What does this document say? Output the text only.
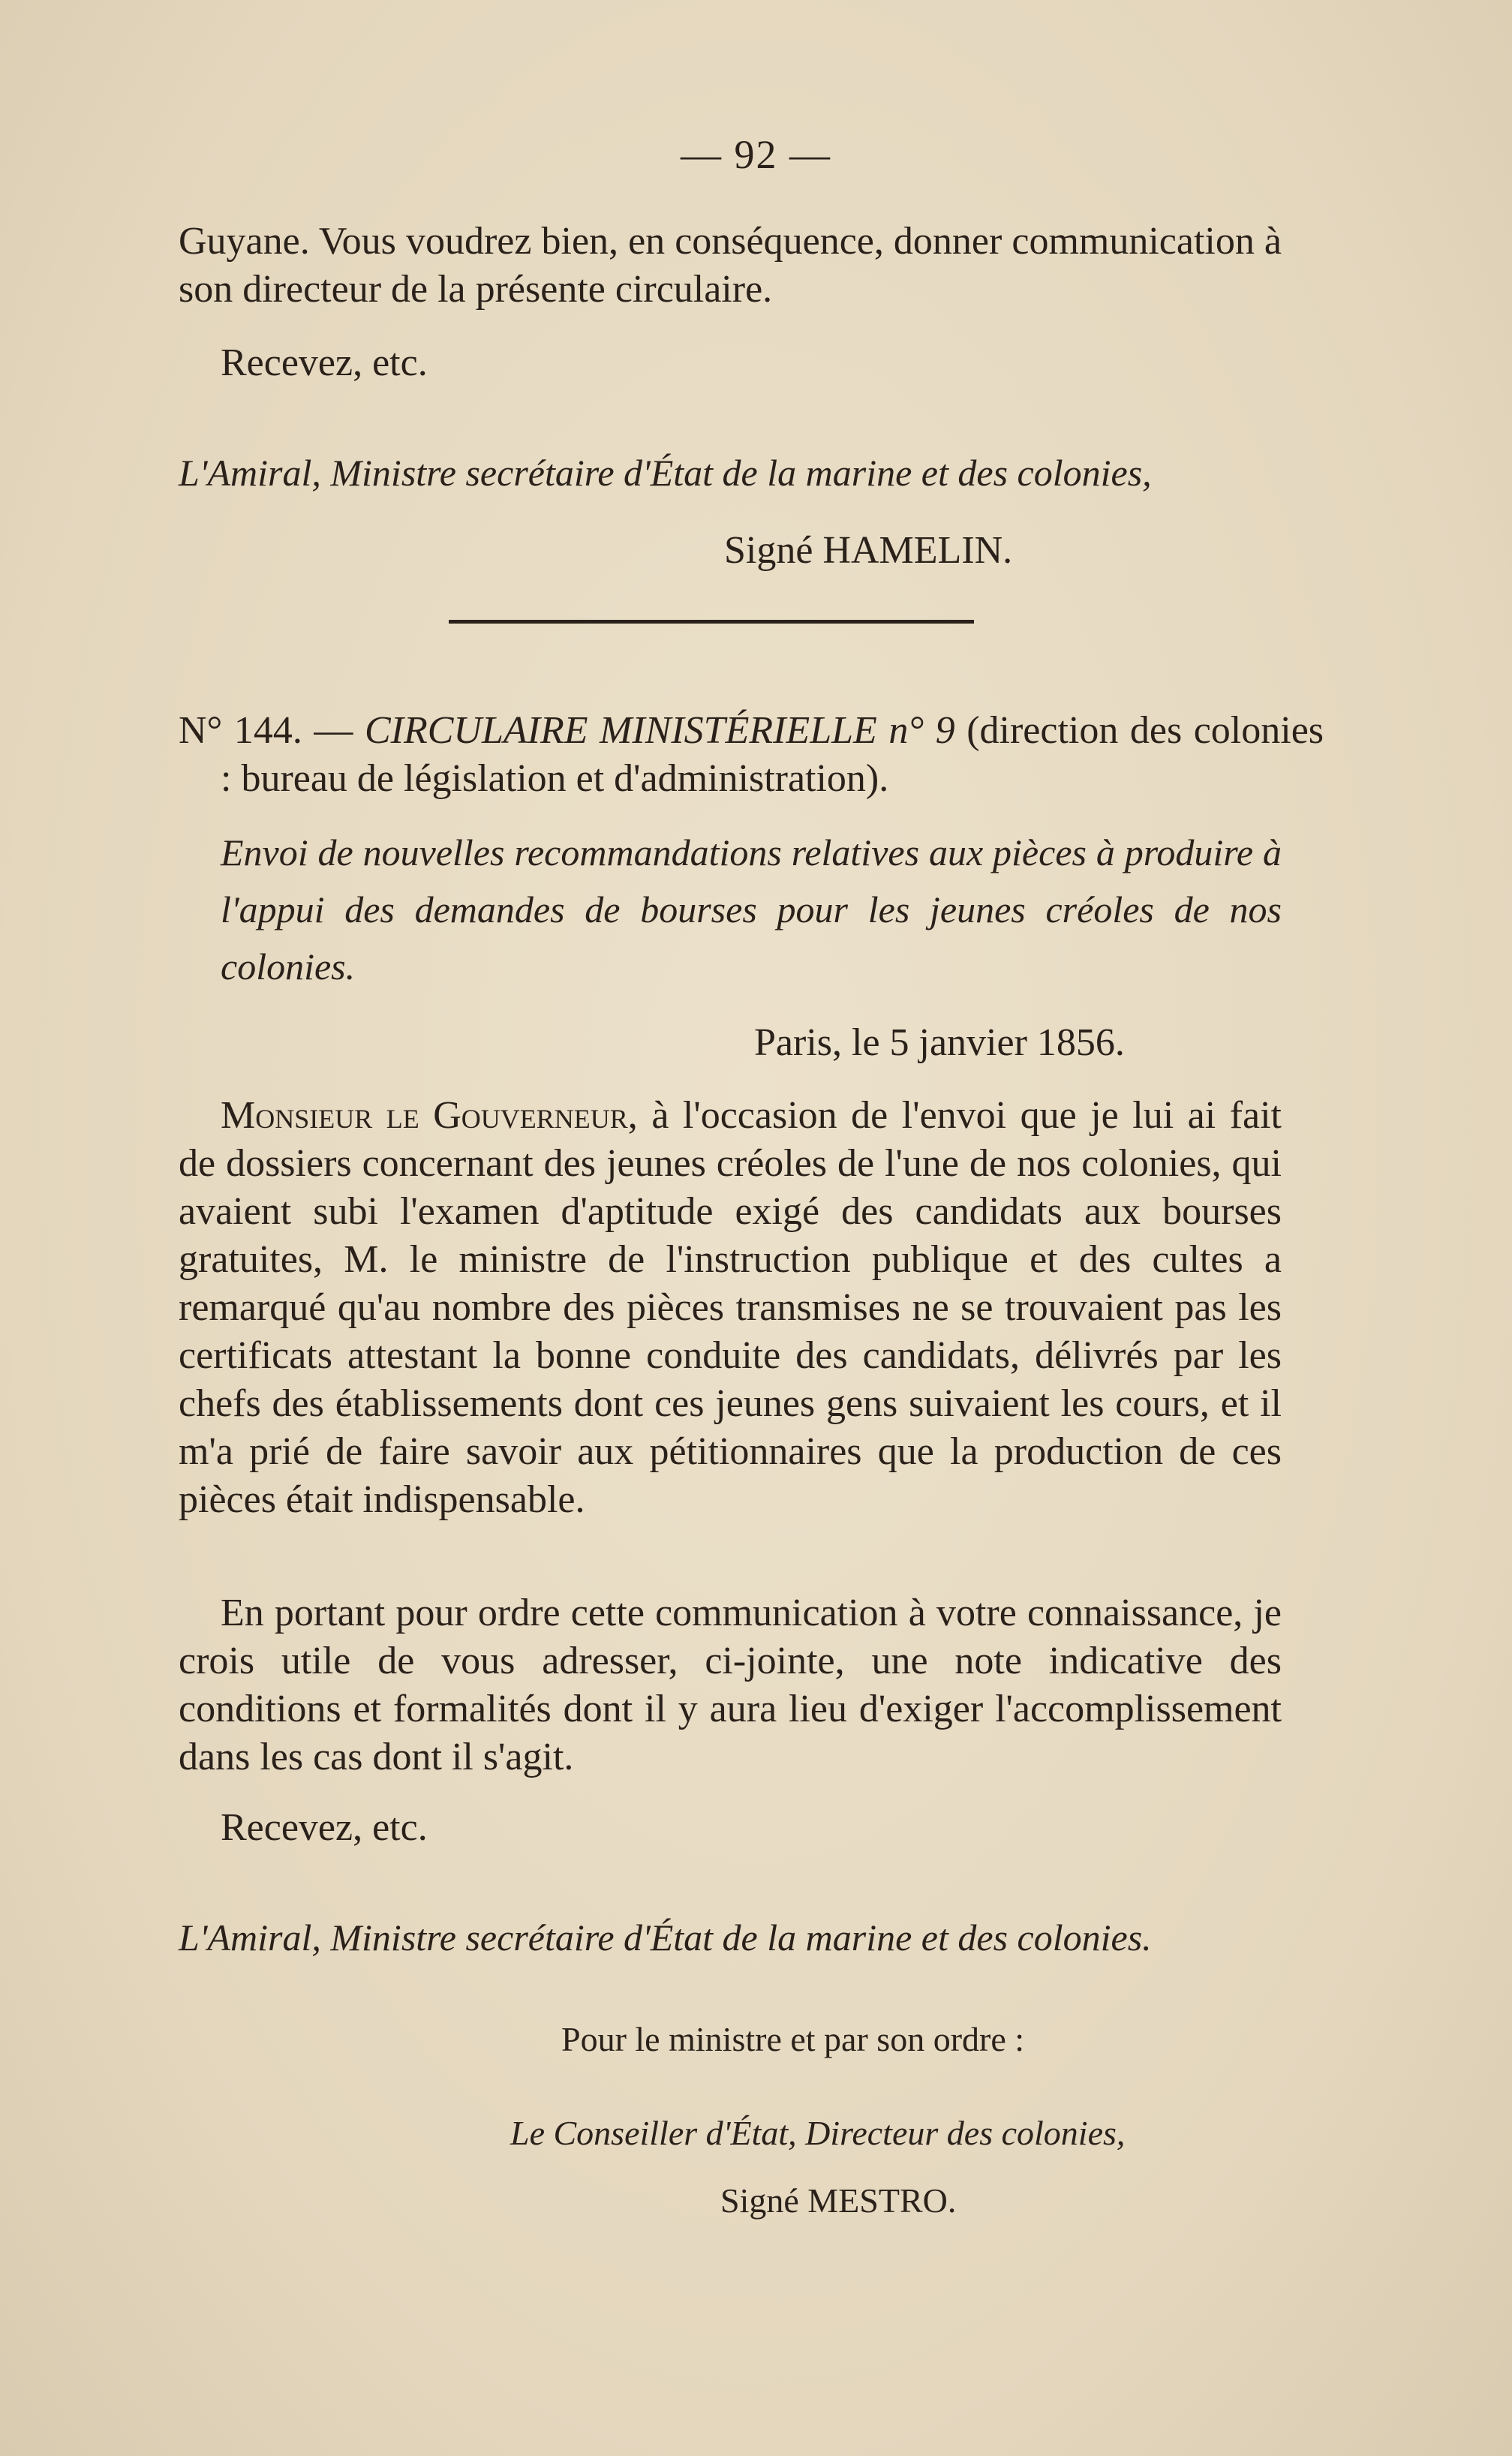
— 92 —
Guyane. Vous voudrez bien, en conséquence, donner communication à son directeur de la présente circulaire.
Recevez, etc.
L'Amiral, Ministre secrétaire d'État de la marine et des colonies,
Signé HAMELIN.
N° 144. — CIRCULAIRE MINISTÉRIELLE n° 9 (direction des colonies : bureau de législation et d'administration).
Envoi de nouvelles recommandations relatives aux pièces à produire à l'appui des demandes de bourses pour les jeunes créoles de nos colonies.
Paris, le 5 janvier 1856.
Monsieur le Gouverneur, à l'occasion de l'envoi que je lui ai fait de dossiers concernant des jeunes créoles de l'une de nos colonies, qui avaient subi l'examen d'aptitude exigé des candidats aux bourses gratuites, M. le ministre de l'instruction publique et des cultes a remarqué qu'au nombre des pièces transmises ne se trouvaient pas les certificats attestant la bonne conduite des candidats, délivrés par les chefs des établissements dont ces jeunes gens suivaient les cours, et il m'a prié de faire savoir aux pétitionnaires que la production de ces pièces était indispensable.
En portant pour ordre cette communication à votre connaissance, je crois utile de vous adresser, ci-jointe, une note indicative des conditions et formalités dont il y aura lieu d'exiger l'accomplissement dans les cas dont il s'agit.
Recevez, etc.
L'Amiral, Ministre secrétaire d'État de la marine et des colonies.
Pour le ministre et par son ordre :
Le Conseiller d'État, Directeur des colonies,
Signé MESTRO.
